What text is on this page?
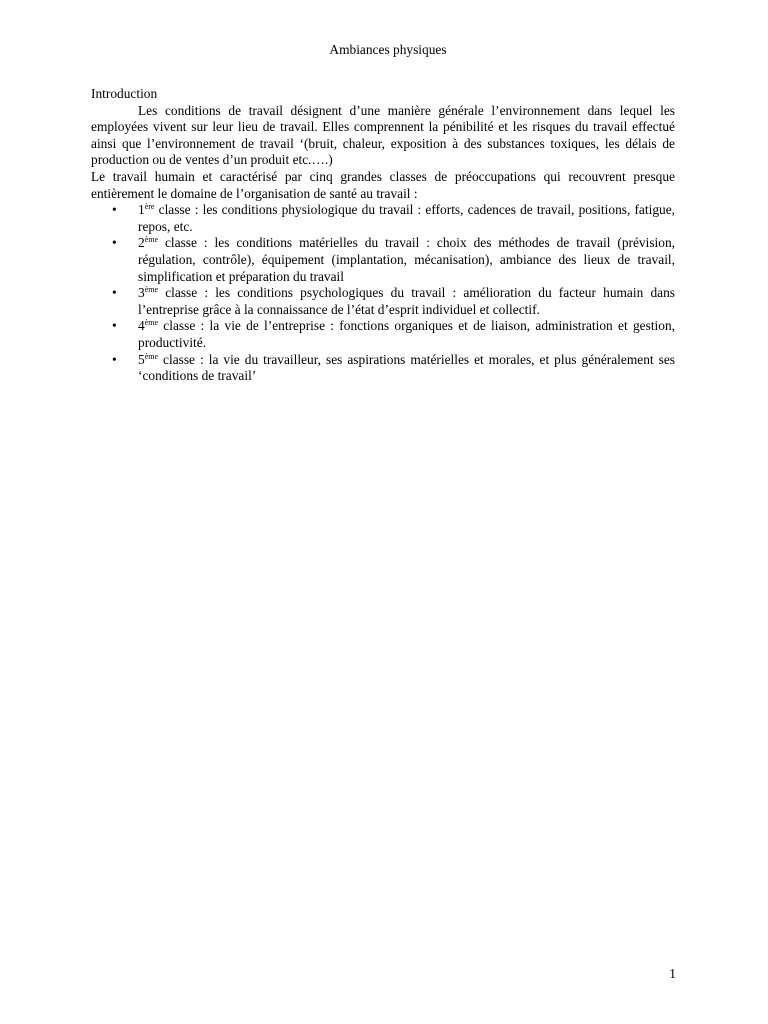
Ambiances physiques
Introduction

Les conditions de travail désignent d’une manière générale l’environnement dans lequel les employées vivent sur leur lieu de travail. Elles comprennent la pénibilité et les risques du travail effectué ainsi que l’environnement de travail ‘(bruit, chaleur, exposition à des substances toxiques, les délais de production ou de ventes d’un produit etc.….)

Le travail humain et caractérisé par cinq grandes classes de préoccupations qui recouvrent presque entièrement le domaine de l’organisation de santé au travail :

• 1ère classe : les conditions physiologique du travail : efforts, cadences de travail, positions, fatigue, repos, etc.
• 2ème classe : les conditions matérielles du travail : choix des méthodes de travail (prévision, régulation, contrôle), équipement (implantation, mécanisation), ambiance des lieux de travail, simplification et préparation du travail
• 3ème classe : les conditions psychologiques du travail : amélioration du facteur humain dans l’entreprise grâce à la connaissance de l’état d’esprit individuel et collectif.
• 4ème classe : la vie de l’entreprise : fonctions organiques et de liaison, administration et gestion, productivité.
• 5ème classe : la vie du travailleur, ses aspirations matérielles et morales, et plus généralement ses ‘conditions de travail’
1
